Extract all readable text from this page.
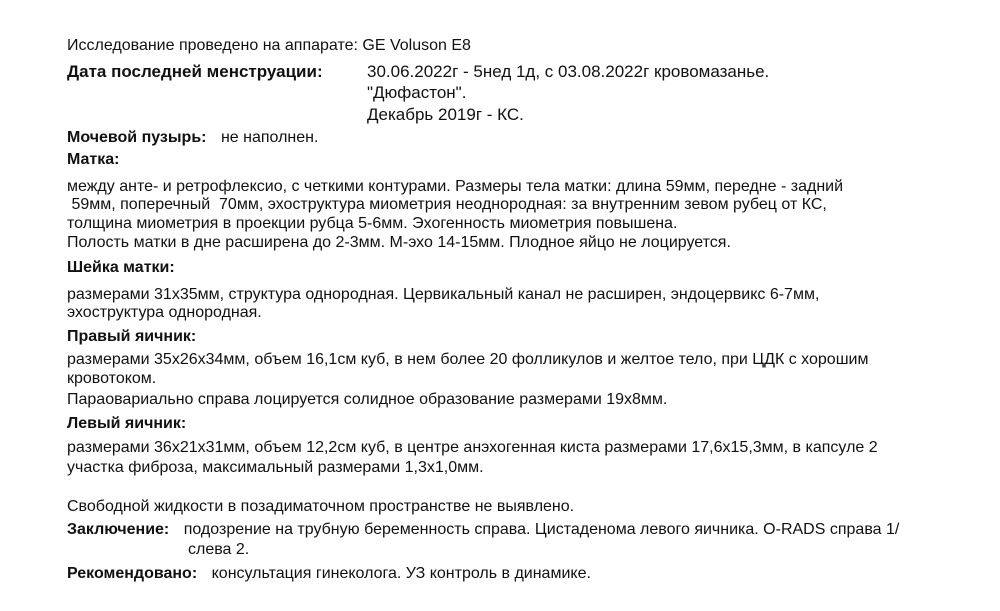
Исследование проведено на аппарате: GE Voluson E8
Дата последней менструации:	30.06.2022г - 5нед 1д, с 03.08.2022г кровомазанье.
"Дюфастон".
Декабрь 2019г - КС.
Мочевой пузырь: не наполнен.
Матка:
между анте- и ретрофлексио, с четкими контурами. Размеры тела матки: длина 59мм, передне - задний
59мм, поперечный  70мм, эхоструктура миометрия неоднородная: за внутренним зевом рубец от КС,
толщина миометрия в проекции рубца 5-6мм. Эхогенность миометрия повышена.
Полость матки в дне расширена до 2-3мм. М-эхо 14-15мм. Плодное яйцо не лоцируется.
Шейка матки:
размерами 31x35мм, структура однородная. Цервикальный канал не расширен, эндоцервикс 6-7мм,
эхоструктура однородная.
Правый яичник:
размерами 35x26x34мм, объем 16,1см куб, в нем более 20 фолликулов и желтое тело, при ЦДК с хорошим
кровотоком.
Параовариально справа лоцируется солидное образование размерами 19х8мм.
Левый яичник:
размерами 36x21x31мм, объем 12,2см куб, в центре анэхогенная киста размерами 17,6х15,3мм, в капсуле 2
участка фиброза, максимальный размерами 1,3х1,0мм.
Свободной жидкости в позадиматочном пространстве не выявлено.
Заключение: подозрение на трубную беременность справа. Цистаденома левого яичника. O-RADS справа 1/
слева 2.
Рекомендовано: консультация гинеколога. УЗ контроль в динамике.
